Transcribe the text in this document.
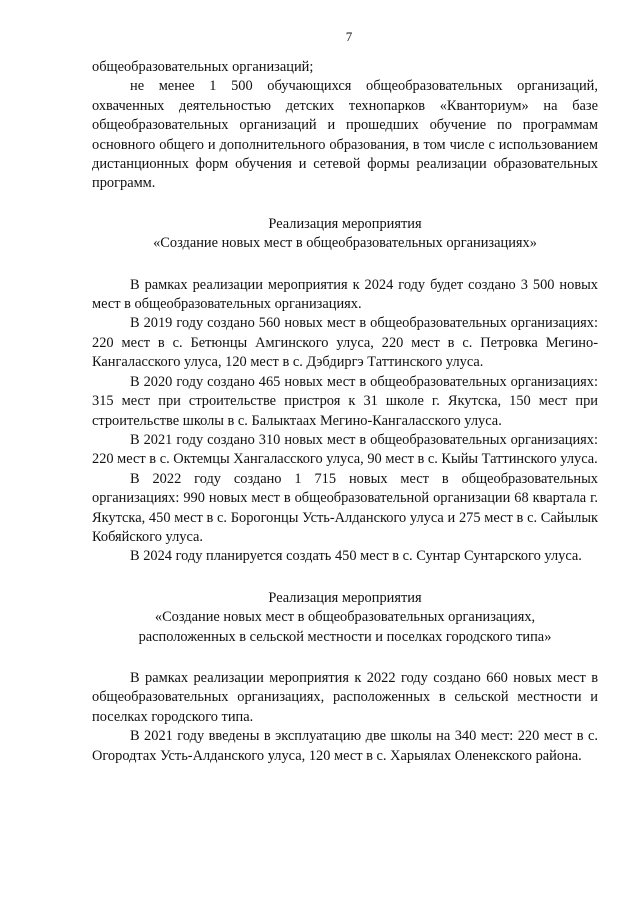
7

общеобразовательных организаций;

не менее 1 500 обучающихся общеобразовательных организаций, охваченных деятельностью детских технопарков «Кванториум» на базе общеобразовательных организаций и прошедших обучение по программам основного общего и дополнительного образования, в том числе с использованием дистанционных форм обучения и сетевой формы реализации образовательных программ.

Реализация мероприятия
«Создание новых мест в общеобразовательных организациях»

В рамках реализации мероприятия к 2024 году будет создано 3 500 новых мест в общеобразовательных организациях.

В 2019 году создано 560 новых мест в общеобразовательных организациях: 220 мест в с. Бетюнцы Амгинского улуса, 220 мест в с. Петровка Мегино-Кангаласского улуса, 120 мест в с. Дэбдиргэ Таттинского улуса.

В 2020 году создано 465 новых мест в общеобразовательных организациях: 315 мест при строительстве пристроя к 31 школе г. Якутска, 150 мест при строительстве школы в с. Балыктаах Мегино-Кангаласского улуса.

В 2021 году создано 310 новых мест в общеобразовательных организациях: 220 мест в с. Октемцы Хангаласского улуса, 90 мест в с. Кыйы Таттинского улуса.

В 2022 году создано 1 715 новых мест в общеобразовательных организациях: 990 новых мест в общеобразовательной организации 68 квартала г. Якутска, 450 мест в с. Борогонцы Усть-Алданского улуса и 275 мест в с. Сайылык Кобяйского улуса.

В 2024 году планируется создать 450 мест в с. Сунтар Сунтарского улуса.

Реализация мероприятия
«Создание новых мест в общеобразовательных организациях,
расположенных в сельской местности и поселках городского типа»

В рамках реализации мероприятия к 2022 году создано 660 новых мест в общеобразовательных организациях, расположенных в сельской местности и поселках городского типа.

В 2021 году введены в эксплуатацию две школы на 340 мест: 220 мест в с. Огородтах Усть-Алданского улуса, 120 мест в с. Харыялах Оленекского района.
